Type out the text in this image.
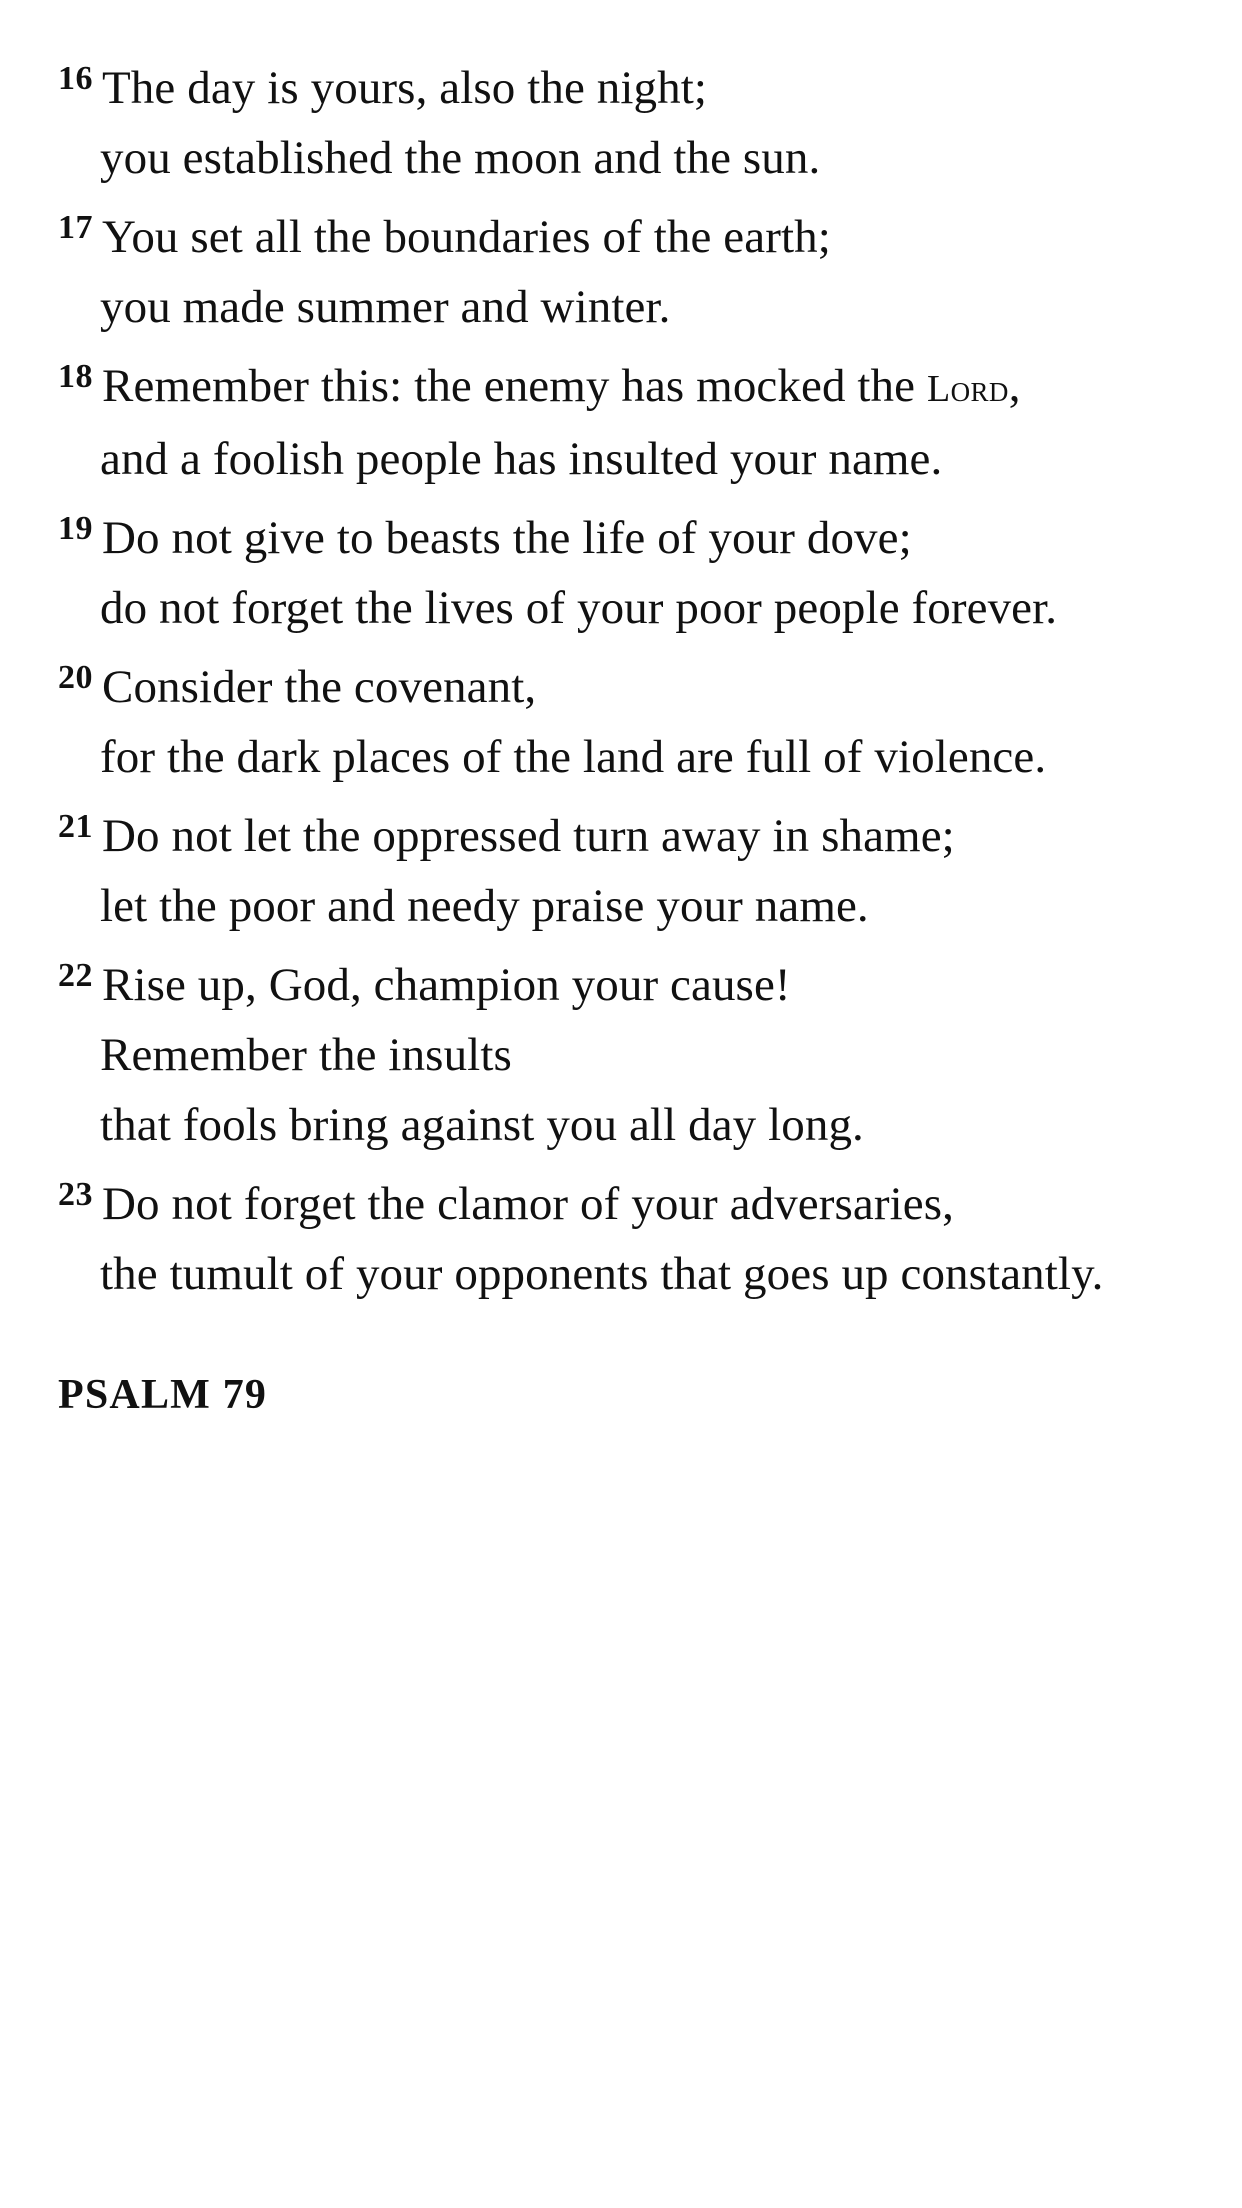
$^{16}$ The day is yours, also the night;
you established the moon and the sun.
$^{17}$ You set all the boundaries of the earth;
you made summer and winter.
$^{18}$ Remember this: the enemy has mocked the Lord,
and a foolish people has insulted your name.
$^{19}$ Do not give to beasts the life of your dove;
do not forget the lives of your poor people forever.
$^{20}$ Consider the covenant,
for the dark places of the land are full of violence.
$^{21}$ Do not let the oppressed turn away in shame;
let the poor and needy praise your name.
$^{22}$ Rise up, God, champion your cause!
Remember the insults
that fools bring against you all day long.
$^{23}$ Do not forget the clamor of your adversaries,
the tumult of your opponents that goes up constantly.
PSALM 79
